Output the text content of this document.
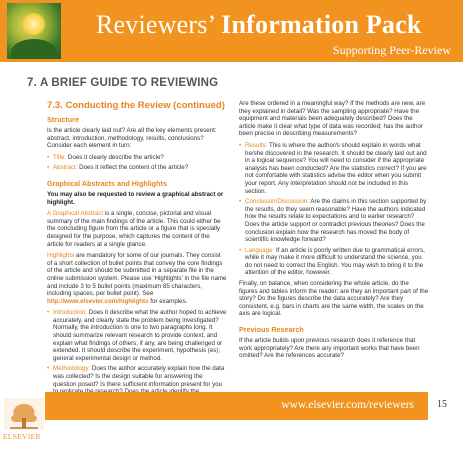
Reviewers’ Information Pack

Supporting Peer-Review

7. A BRIEF GUIDE TO REVIEWING
7.3. Conducting the Review (continued)
Structure

Is the article clearly laid out? Are all the key elements present: abstract, introduction, methodology, results, conclusions? Consider each element in turn:

• Title: Does it clearly describe the article?

• Abstract: Does it reflect the content of the article?

Graphical Abstracts and Highlights

You may also be requested to review a graphical abstract or highlight.

A Graphical Abstract is a single, concise, pictorial and visual summary of the main findings of the article. This could either be the concluding figure from the article or a figure that is specially designed for the purpose, which captures the content of the article for readers at a single glance.

Highlights are mandatory for some of our journals. They consist of a short collection of bullet points that convey the core findings of the article and should be submitted in a separate file in the online submission system. Please use 'Highlights' in the file name and include 3 to 5 bullet points (maximum 85 characters, including spaces, per bullet point). See http://www.elsevier.com/highlights for examples.

• Introduction: Does it describe what the author hoped to achieve accurately, and clearly state the problem being investigated? Normally, the introduction is one to two paragraphs long. It should summarize relevant research to provide context, and explain what findings of others, if any, are being challenged or extended. It should describe the experiment, hypothesis (es); general experimental design or method.

• Methodology: Does the author accurately explain how the data was collected? Is the design suitable for answering the question posed? Is there sufficient information present for you

Are these ordered in a meaningful way? If the methods are new, are they explained in detail? Was the sampling appropriate? Have the equipment and materials been adequately described? Does the article make it clear what type of data was recorded; has the author been precise in describing measurements?

• Results: This is where the author/s should explain in words what he/she discovered in the research. It should be clearly laid out and in a logical sequence? You will need to consider if the appropriate analysis has been conducted? Are the statistics correct? If you are not comfortable with statistics advise the editor when you submit your report. Any interpretation should not be included in this section.

• Conclusion/Discussion: Are the claims in this section supported by the results, do they seem reasonable? Have the authors indicated how the results relate to expectations and to earlier research? Does the article support or contradict previous theories? Does the conclusion explain how the research has moved the body of scientific knowledge forward?

• Language: If an article is poorly written due to grammatical errors, while it may make it more difficult to understand the science, you do not need to correct the English. You may wish to bring it to the attention of the editor, however.

Finally, on balance, when considering the whole article, do the figures and tables inform the reader; are they an important part of the story? Do the figures describe the data accurately? Are they consistent, e.g. bars in charts are the same width, the scales on the axis are logical.

Previous Research

If the article builds upon previous research does it reference that work appropriately? Are there any important works that have been omitted? Are the references accurate?

ELSEVIER

www.elsevier.com/reviewers 15
